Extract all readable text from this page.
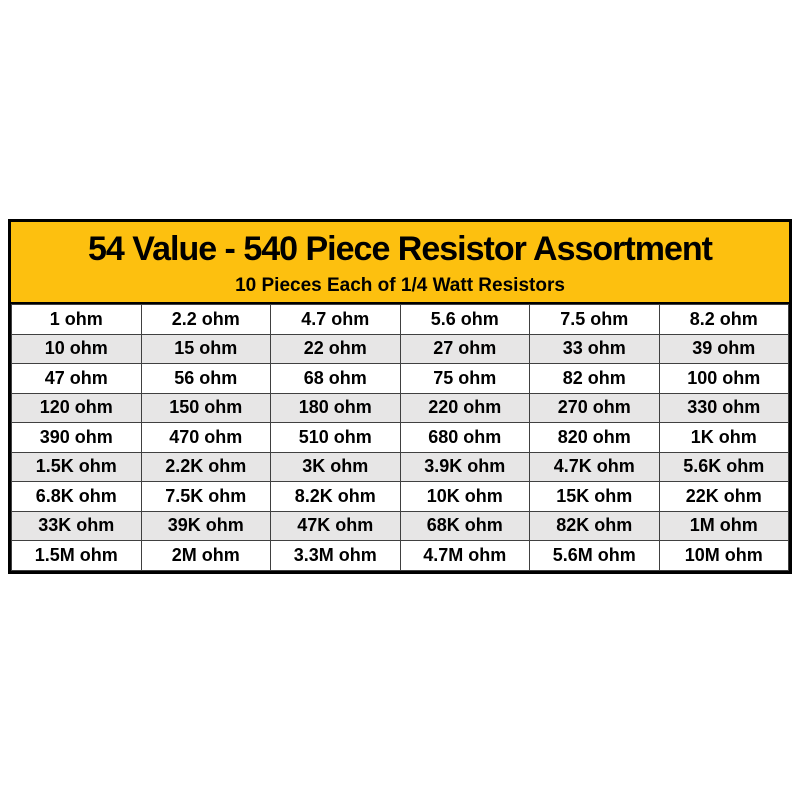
54 Value - 540 Piece Resistor Assortment
10 Pieces Each of 1/4 Watt Resistors
1 ohm	2.2 ohm	4.7 ohm	5.6 ohm	7.5 ohm	8.2 ohm
10 ohm	15 ohm	22 ohm	27 ohm	33 ohm	39 ohm
47 ohm	56 ohm	68 ohm	75 ohm	82 ohm	100 ohm
120 ohm	150 ohm	180 ohm	220 ohm	270 ohm	330 ohm
390 ohm	470 ohm	510 ohm	680 ohm	820 ohm	1K ohm
1.5K ohm	2.2K ohm	3K ohm	3.9K ohm	4.7K ohm	5.6K ohm
6.8K ohm	7.5K ohm	8.2K ohm	10K ohm	15K ohm	22K ohm
33K ohm	39K ohm	47K ohm	68K ohm	82K ohm	1M ohm
1.5M ohm	2M ohm	3.3M ohm	4.7M ohm	5.6M ohm	10M ohm
